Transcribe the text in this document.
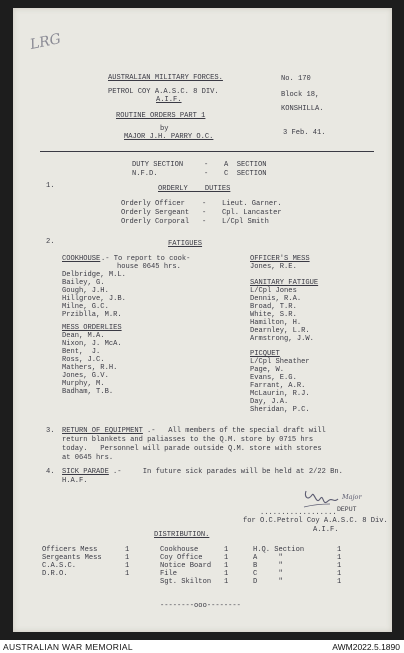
LRG
AUSTRALIAN MILITARY FORCES.
PETROL COY A.A.S.C. 8 DIV.
A.I.F.
ROUTINE ORDERS PART 1
by
MAJOR J.H. PARRY O.C.
No. 170
Block 18,
KONSHILLA.
3 Feb. 41.
DUTY SECTION	- A  SECTION
N.F.D.	- C  SECTION
1.	ORDERLY    DUTIES
Orderly Officer - Lieut. Garner.
Orderly Sergeant - Cpl. Lancaster
Orderly Corporal - L/Cpl Smith
2.	FATIGUES
COOKHOUSE .- To report to cook-
house 0645 hrs.
Delbridge, M.L.
Bailey, G.
Gough, J.H.
Hillgrove, J.B.
Milne, G.C.
Prziblla, M.R.
MESS ORDERLIES
Dean, M.A.
Nixon, J. McA.
Bent,  J.
Ross, J.C.
Mathers, R.H.
Jones, G.V.
Murphy, M.
Badham, T.B.
OFFICER'S MESS
Jones, R.E.
SANITARY FATIGUE
L/Cpl Jones
Dennis, R.A.
Broad, T.R.
White, S.R.
Hamilton, H.
Dearnley, L.R.
Armstrong, J.W.
PICQUET
L/Cpl Sheather
Page, W.
Evans, E.G.
Farrant, A.R.
McLaurin, R.J.
Day, J.A.
Sheridan, P.C.
3. RETURN OF EQUIPMENT .-   All members of the special draft will
return blankets and paliasses to the Q.M. store by 0715 hrs
today.   Personnel will parade outside Q.M. store with stores
at 0645 hrs.
4. SICK PARADE .-     In future sick parades will be held at 2/22 Bn.
H.A.F.
Major
.................. DEPUT
for O.C.Petrol Coy A.A.S.C. 8 Div.
A.I.F.
DISTRIBUTION.
Officers Mess	1
Sergeants Mess	1
C.A.S.C.	1
D.R.O.	1
Cookhouse	1
Coy Office	1
Notice Board 1
File	1
Sgt. Skilton 1
H.Q. Section	1
A     "	1
B     "	1
C     "	1
D     "	1
--------ooo--------
AUSTRALIAN WAR MEMORIAL	AWM2022.5.1890
